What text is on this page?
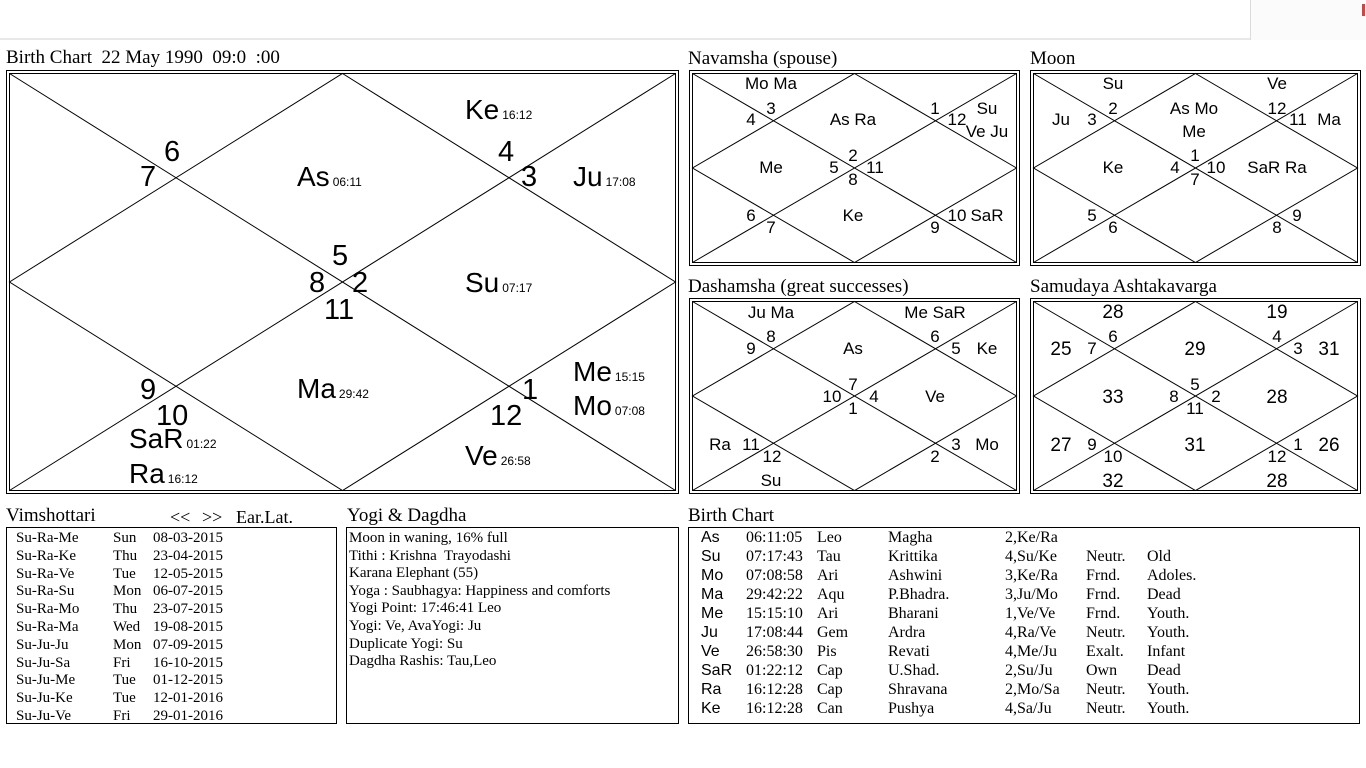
Birth Chart  22 May 1990  09:0  :00	Navamsha (spouse)	Moon
Dashamsha (great successes)	Samudaya Ashtakavarga
6
7
5
8 2
11
4
3
9
10
1
12
Ke 16:12
As 06:11	Ju 17:08
Su 07:17
Ma 29:42
Me 15:15
Mo 07:08
SaR 01:22
Ra 16:12
Ve 26:58
Mo Ma
As Ra
Su
Ve Ju
Me
Ke	SaR
3
4
1
12
2
5
8
11
6
7	9
10
Su	Ve
Ju
As Mo
Me
Ma
Ke	SaR Ra
2
3
12
11
1
4
7
10
5
6	8
9
Ju Ma	Me SaR
As	Ke
Ve
Ra	Mo
Su
8
9
6
5
7
10 4
1
11
12
3
2
28	19
25	29	31
33	28
27	31	26
32	28
6
7
4
3
5
8 2
11
9
10
1
12
Vimshottari	<< >> Ear.Lat.	Yogi & Dagdha	Birth Chart
Su-Ra-Me Sun 08-03-2015
Su-Ra-Ke Thu 23-04-2015
Su-Ra-Ve	Tue 12-05-2015
Su-Ra-Su	Mon 06-07-2015
Su-Ra-Mo Thu 23-07-2015
Su-Ra-Ma Wed 19-08-2015
Su-Ju-Ju	Mon 07-09-2015
Su-Ju-Sa	Fri 16-10-2015
Su-Ju-Me	Tue 01-12-2015
Su-Ju-Ke	Tue 12-01-2016
Su-Ju-Ve	Fri 29-01-2016
Moon in waning, 16% full
Tithi : Krishna  Trayodashi
Karana Elephant (55)
Yoga : Saubhagya: Happiness and comforts
Yogi Point: 17:46:41 Leo
Yogi: Ve, AvaYogi: Ju
Duplicate Yogi: Su
Dagdha Rashis: Tau,Leo
As 06:11:05 Leo	Magha	2,Ke/Ra
Su 07:17:43 Tau	Krittika	4,Su/Ke Neutr. Old
Mo 07:08:58 Ari	Ashwini	3,Ke/Ra Frnd. Adoles.
Ma 29:42:22 Aqu	P.Bhadra.	3,Ju/Mo Frnd. Dead
Me 15:15:10 Ari	Bharani	1,Ve/Ve Frnd. Youth.
Ju 17:08:44 Gem Ardra	4,Ra/Ve Neutr. Youth.
Ve 26:58:30 Pis	Revati	4,Me/Ju Exalt. Infant
SaR 01:22:12 Cap	U.Shad.	2,Su/Ju Own Dead
Ra 16:12:28 Cap	Shravana	2,Mo/Sa Neutr. Youth.
Ke 16:12:28 Can	Pushya	4,Sa/Ju Neutr. Youth.
